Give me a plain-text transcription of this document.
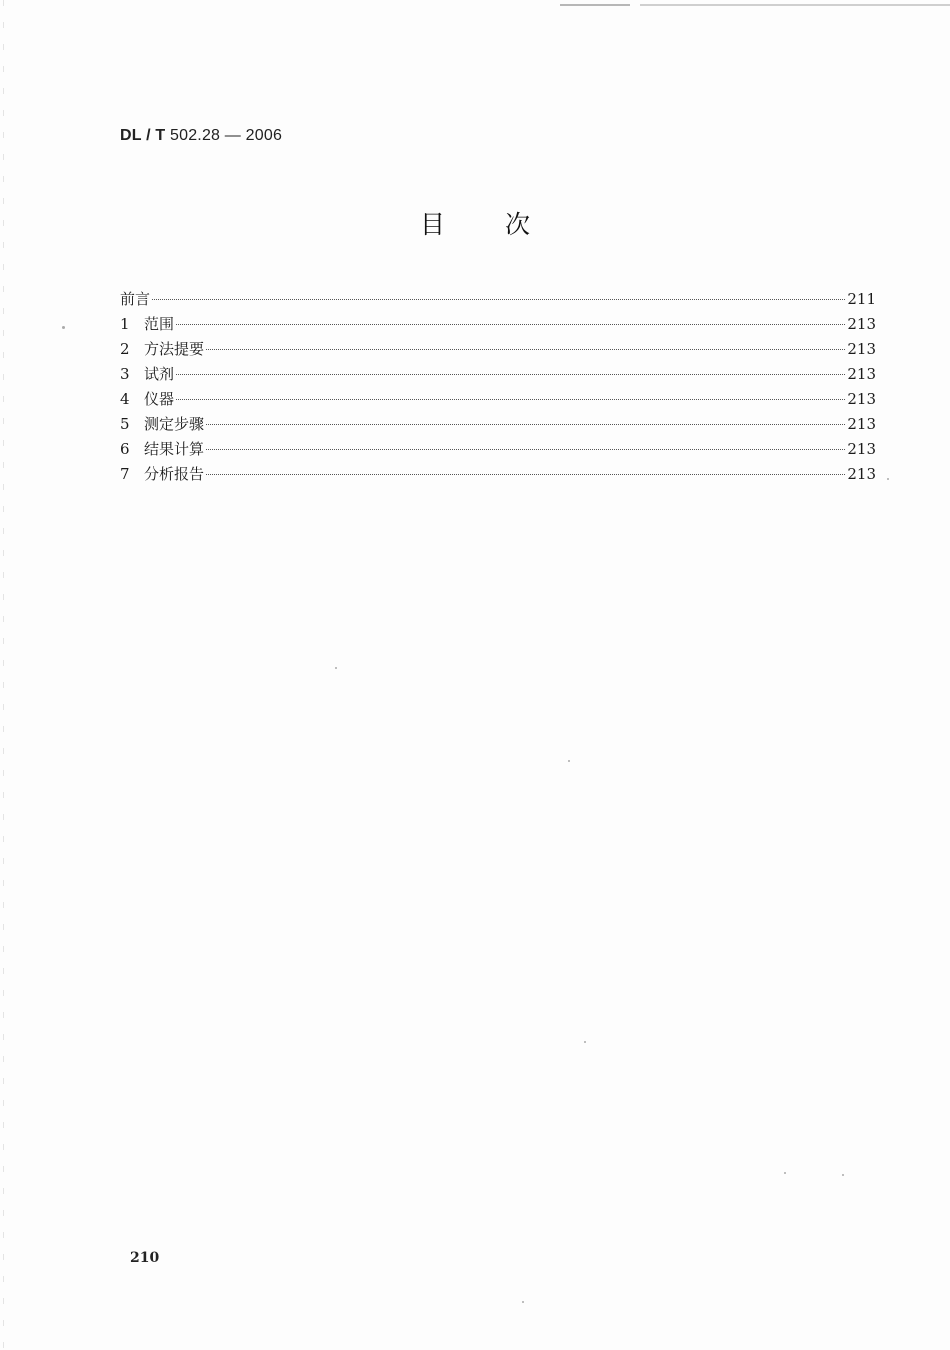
DL / T 502.28 — 2006
目 次
前言	211
1 范围	213
2 方法提要	213
3 试剂	213
4 仪器	213
5 测定步骤	213
6 结果计算	213
7 分析报告	213
210
